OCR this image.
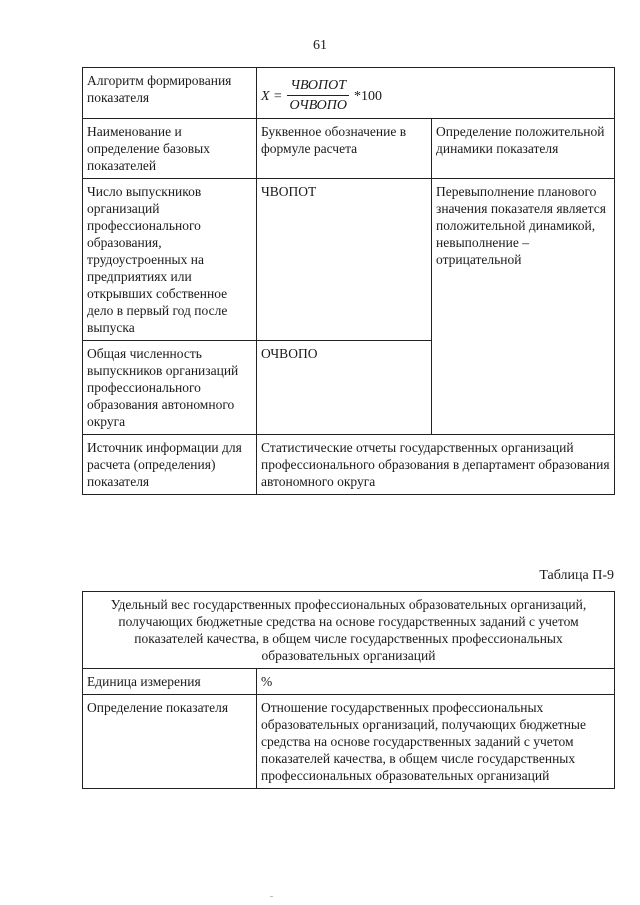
61
Алгоритм формирования показателя	$X = \frac{\text{ЧВОПОТ}}{\text{ОЧВОПО}} *100$	

Наименование и определение базовых показателей	Буквенное обозначение в формуле расчета	Определение положительной динамики показателя
Число выпускников организаций профессионального образования, трудоустроенных на предприятиях или открывших собственное дело в первый год после выпуска	ЧВОПОТ	Перевыполнение планового значения показателя является положительной динамикой, невыполнение – отрицательной
Общая численность выпускников организаций профессионального образования автономного округа	ОЧВОПО	
Источник информации для расчета (определения) показателя	Статистические отчеты государственных организаций профессионального образования в департамент образования автономного округа	
Таблица П-9
Удельный вес государственных профессиональных образовательных организаций, получающих бюджетные средства на основе государственных заданий с учетом показателей качества, в общем числе государственных профессиональных образовательных организаций	
Единица измерения	%
Определение показателя	Отношение государственных профессиональных образовательных организаций, получающих бюджетные средства на основе государственных заданий с учетом показателей качества, в общем числе государственных профессиональных образовательных организаций
